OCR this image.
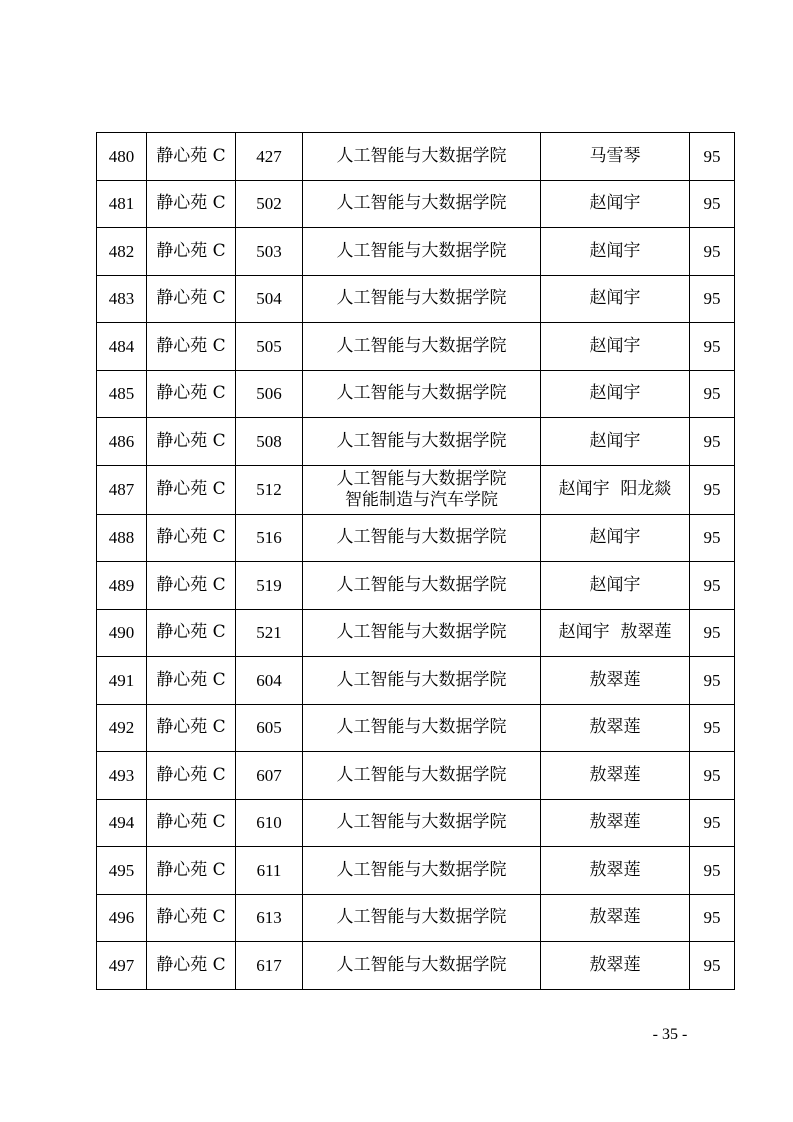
480	静心苑 C	427	人工智能与大数据学院	马雪琴	95
481	静心苑 C	502	人工智能与大数据学院	赵闻宇	95
482	静心苑 C	503	人工智能与大数据学院	赵闻宇	95
483	静心苑 C	504	人工智能与大数据学院	赵闻宇	95
484	静心苑 C	505	人工智能与大数据学院	赵闻宇	95
485	静心苑 C	506	人工智能与大数据学院	赵闻宇	95
486	静心苑 C	508	人工智能与大数据学院	赵闻宇	95
487	静心苑 C	512	人工智能与大数据学院
智能制造与汽车学院	赵闻宇  阳龙燚	95
488	静心苑 C	516	人工智能与大数据学院	赵闻宇	95
489	静心苑 C	519	人工智能与大数据学院	赵闻宇	95
490	静心苑 C	521	人工智能与大数据学院	赵闻宇  敖翠莲	95
491	静心苑 C	604	人工智能与大数据学院	敖翠莲	95
492	静心苑 C	605	人工智能与大数据学院	敖翠莲	95
493	静心苑 C	607	人工智能与大数据学院	敖翠莲	95
494	静心苑 C	610	人工智能与大数据学院	敖翠莲	95
495	静心苑 C	611	人工智能与大数据学院	敖翠莲	95
496	静心苑 C	613	人工智能与大数据学院	敖翠莲	95
497	静心苑 C	617	人工智能与大数据学院	敖翠莲	95
- 35 -
